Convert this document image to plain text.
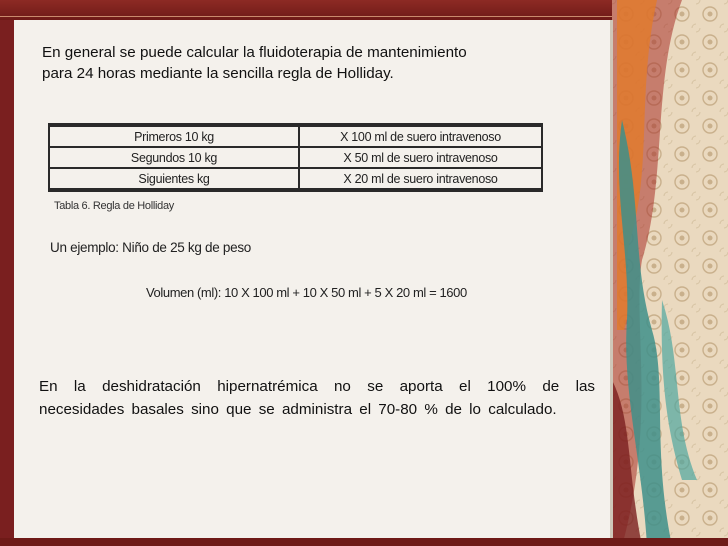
En general se puede calcular la fluidoterapia de mantenimiento

para 24 horas mediante la sencilla regla de Holliday.

Primeros 10 kg	X 100 ml de suero intravenoso
Segundos 10 kg	X 50 ml de suero intravenoso
Siguientes kg	X 20 ml de suero intravenoso
Tabla 6. Regla de Holliday
Un ejemplo: Niño de 25 kg de peso
Volumen (ml): 10 X 100 ml + 10 X 50 ml + 5 X 20 ml = 1600
En la deshidratación hipernatrémica no se aporta el 100% de las necesidades basales sino que se administra el 70-80 % de lo calculado.
